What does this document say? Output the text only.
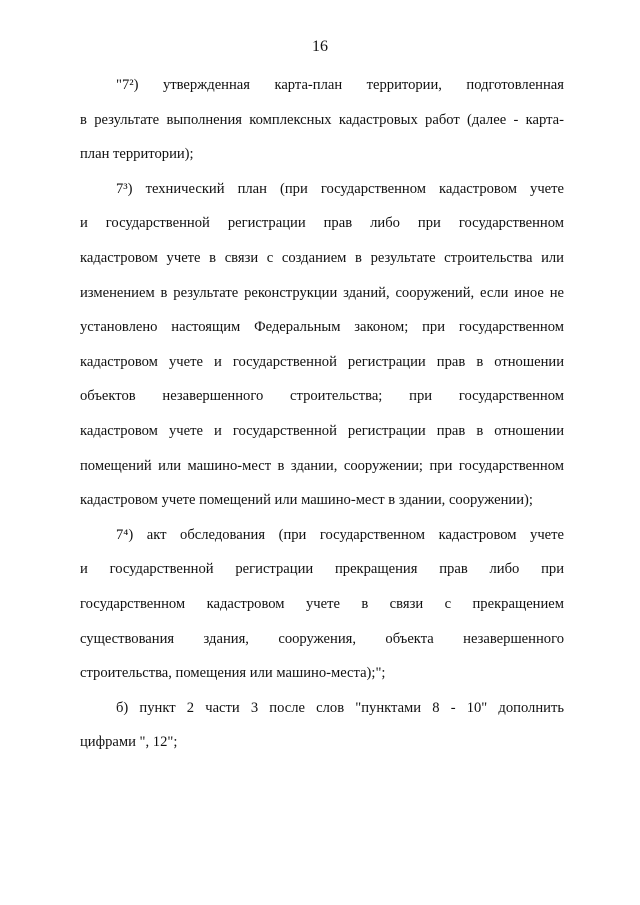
16

"7²) утвержденная карта-план территории, подготовленная
в результате выполнения комплексных кадастровых работ (далее - карта-
план территории);

7³) технический план (при государственном кадастровом учете
и государственной регистрации прав либо при государственном
кадастровом учете в связи с созданием в результате строительства или
изменением в результате реконструкции зданий, сооружений, если иное не
установлено настоящим Федеральным законом; при государственном
кадастровом учете и государственной регистрации прав в отношении
объектов незавершенного строительства; при государственном
кадастровом учете и государственной регистрации прав в отношении
помещений или машино-мест в здании, сооружении; при государственном
кадастровом учете помещений или машино-мест в здании, сооружении);

7⁴) акт обследования (при государственном кадастровом учете
и государственной регистрации прекращения прав либо при
государственном кадастровом учете в связи с прекращением
существования здания, сооружения, объекта незавершенного
строительства, помещения или машино-места);";

б) пункт 2 части 3 после слов "пунктами 8 - 10" дополнить
цифрами ", 12";
